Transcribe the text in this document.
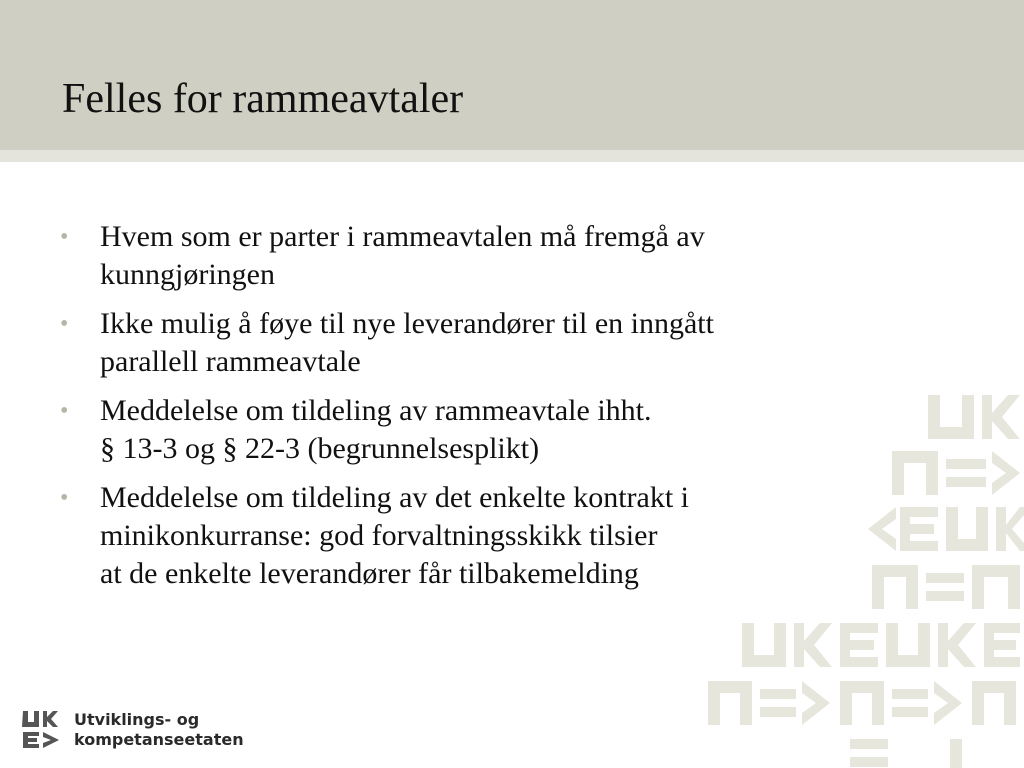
Felles for rammeavtaler
• Hvem som er parter i rammeavtalen må fremgå av
kunngjøringen
• Ikke mulig å føye til nye leverandører til en inngått
parallell rammeavtale
• Meddelelse om tildeling av rammeavtale ihht.
§ 13-3 og § 22-3 (begrunnelsesplikt)
• Meddelelse om tildeling av det enkelte kontrakt i
minikonkurranse: god forvaltningsskikk tilsier
at de enkelte leverandører får tilbakemelding
Utviklings- og
kompetanseetaten
